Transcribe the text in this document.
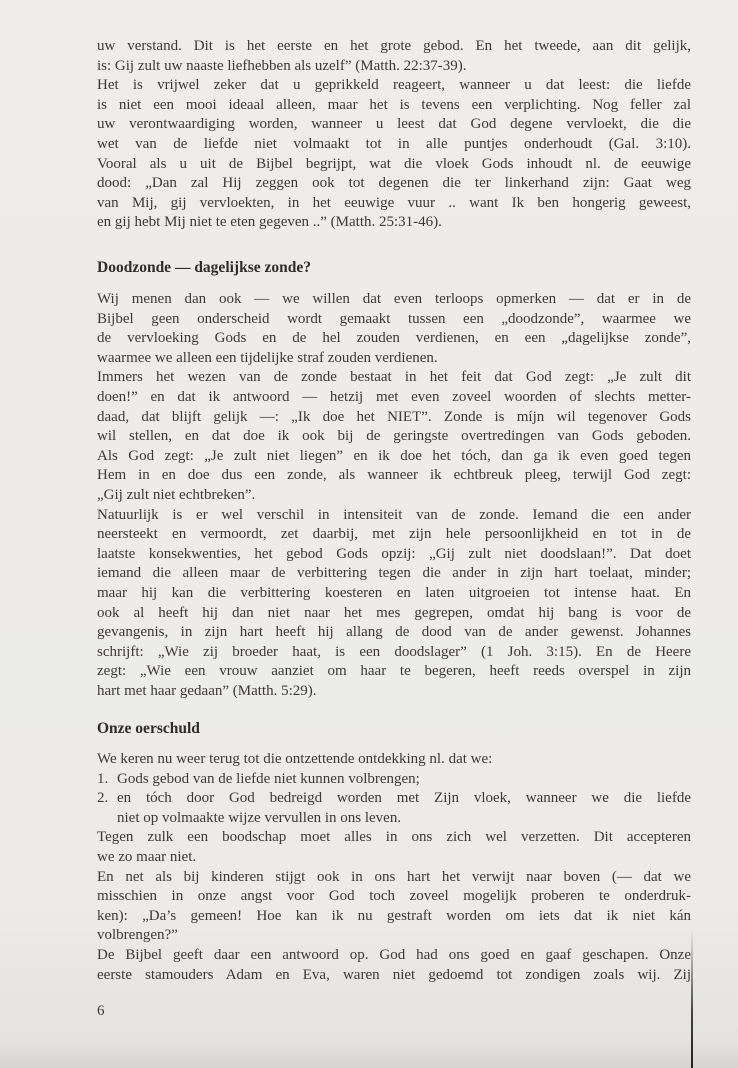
uw verstand. Dit is het eerste en het grote gebod. En het tweede, aan dit gelijk,
is: Gij zult uw naaste liefhebben als uzelf” (Matth. 22:37-39).
Het is vrijwel zeker dat u geprikkeld reageert, wanneer u dat leest: die liefde
is niet een mooi ideaal alleen, maar het is tevens een verplichting. Nog feller zal
uw verontwaardiging worden, wanneer u leest dat God degene vervloekt, die die
wet van de liefde niet volmaakt tot in alle puntjes onderhoudt (Gal. 3:10).
Vooral als u uit de Bijbel begrijpt, wat die vloek Gods inhoudt nl. de eeuwige
dood: „Dan zal Hij zeggen ook tot degenen die ter linkerhand zijn: Gaat weg
van Mij, gij vervloekten, in het eeuwige vuur .. want Ik ben hongerig geweest,
en gij hebt Mij niet te eten gegeven ..” (Matth. 25:31-46).
Doodzonde — dagelijkse zonde?
Wij menen dan ook — we willen dat even terloops opmerken — dat er in de
Bijbel geen onderscheid wordt gemaakt tussen een „doodzonde”, waarmee we
de vervloeking Gods en de hel zouden verdienen, en een „dagelijkse zonde”,
waarmee we alleen een tijdelijke straf zouden verdienen.
Immers het wezen van de zonde bestaat in het feit dat God zegt: „Je zult dit
doen!” en dat ik antwoord — hetzij met even zoveel woorden of slechts metter-
daad, dat blijft gelijk —: „Ik doe het NIET”. Zonde is míjn wil tegenover Gods
wil stellen, en dat doe ik ook bij de geringste overtredingen van Gods geboden.
Als God zegt: „Je zult niet liegen” en ik doe het tóch, dan ga ik even goed tegen
Hem in en doe dus een zonde, als wanneer ik echtbreuk pleeg, terwijl God zegt:
„Gij zult niet echtbreken”.
Natuurlijk is er wel verschil in intensiteit van de zonde. Iemand die een ander
neersteekt en vermoordt, zet daarbij, met zijn hele persoonlijkheid en tot in de
laatste konsekwenties, het gebod Gods opzij: „Gij zult niet doodslaan!”. Dat doet
iemand die alleen maar de verbittering tegen die ander in zijn hart toelaat, minder;
maar hij kan die verbittering koesteren en laten uitgroeien tot intense haat. En
ook al heeft hij dan niet naar het mes gegrepen, omdat hij bang is voor de
gevangenis, in zijn hart heeft hij allang de dood van de ander gewenst. Johannes
schrijft: „Wie zij broeder haat, is een doodslager” (1 Joh. 3:15). En de Heere
zegt: „Wie een vrouw aanziet om haar te begeren, heeft reeds overspel in zijn
hart met haar gedaan” (Matth. 5:29).
Onze oerschuld
We keren nu weer terug tot die ontzettende ontdekking nl. dat we:
1. Gods gebod van de liefde niet kunnen volbrengen;
2. en tóch door God bedreigd worden met Zijn vloek, wanneer we die liefde
niet op volmaakte wijze vervullen in ons leven.
Tegen zulk een boodschap moet alles in ons zich wel verzetten. Dit accepteren
we zo maar niet.
En net als bij kinderen stijgt ook in ons hart het verwijt naar boven (— dat we
misschien in onze angst voor God toch zoveel mogelijk proberen te onderdruk-
ken): „Da’s gemeen! Hoe kan ik nu gestraft worden om iets dat ik niet kán
volbrengen?”
De Bijbel geeft daar een antwoord op. God had ons goed en gaaf geschapen. Onze
eerste stamouders Adam en Eva, waren niet gedoemd tot zondigen zoals wij. Zij
6
